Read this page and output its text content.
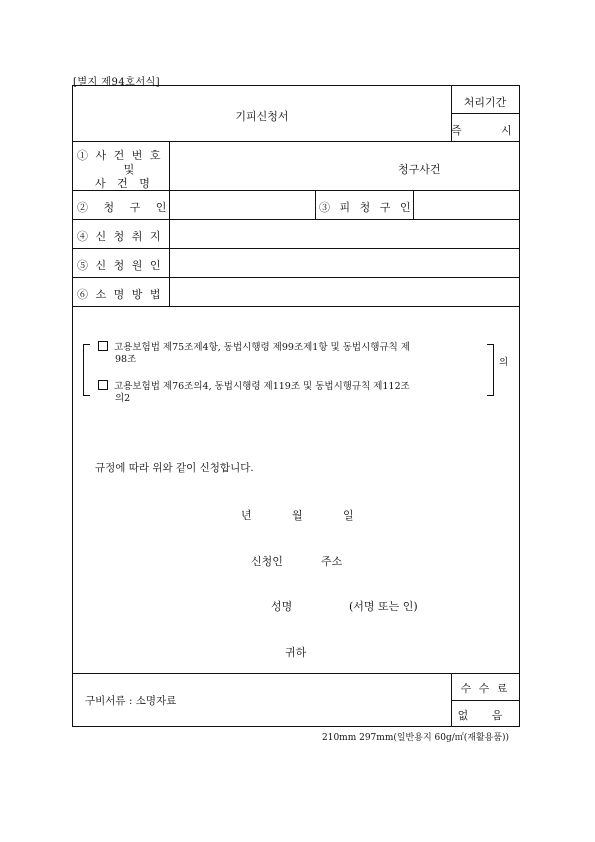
[별지 제94호서식]
기피신청서
처리기간
즉 시
① 사 건 번 호
및
사 건 명
청구사건
② 청 구 인	③ 피 청 구 인
④ 신 청 취 지
⑤ 신 청 원 인
⑥ 소 명 방 법
고용보험법 제75조제4항, 동법시행령 제99조제1항 및 동법시행규칙 제
98조
고용보험법 제76조의4, 동법시행령 제119조 및 동법시행규칙 제112조
의2
의
규정에 따라 위와 같이 신청합니다.
년	월	일
신청인	주소
성명	(서명 또는 인)
귀하
구비서류 : 소명자료
수 수 료
없 음
210mm 297mm(일반용지 60g/㎡(재활용품))
